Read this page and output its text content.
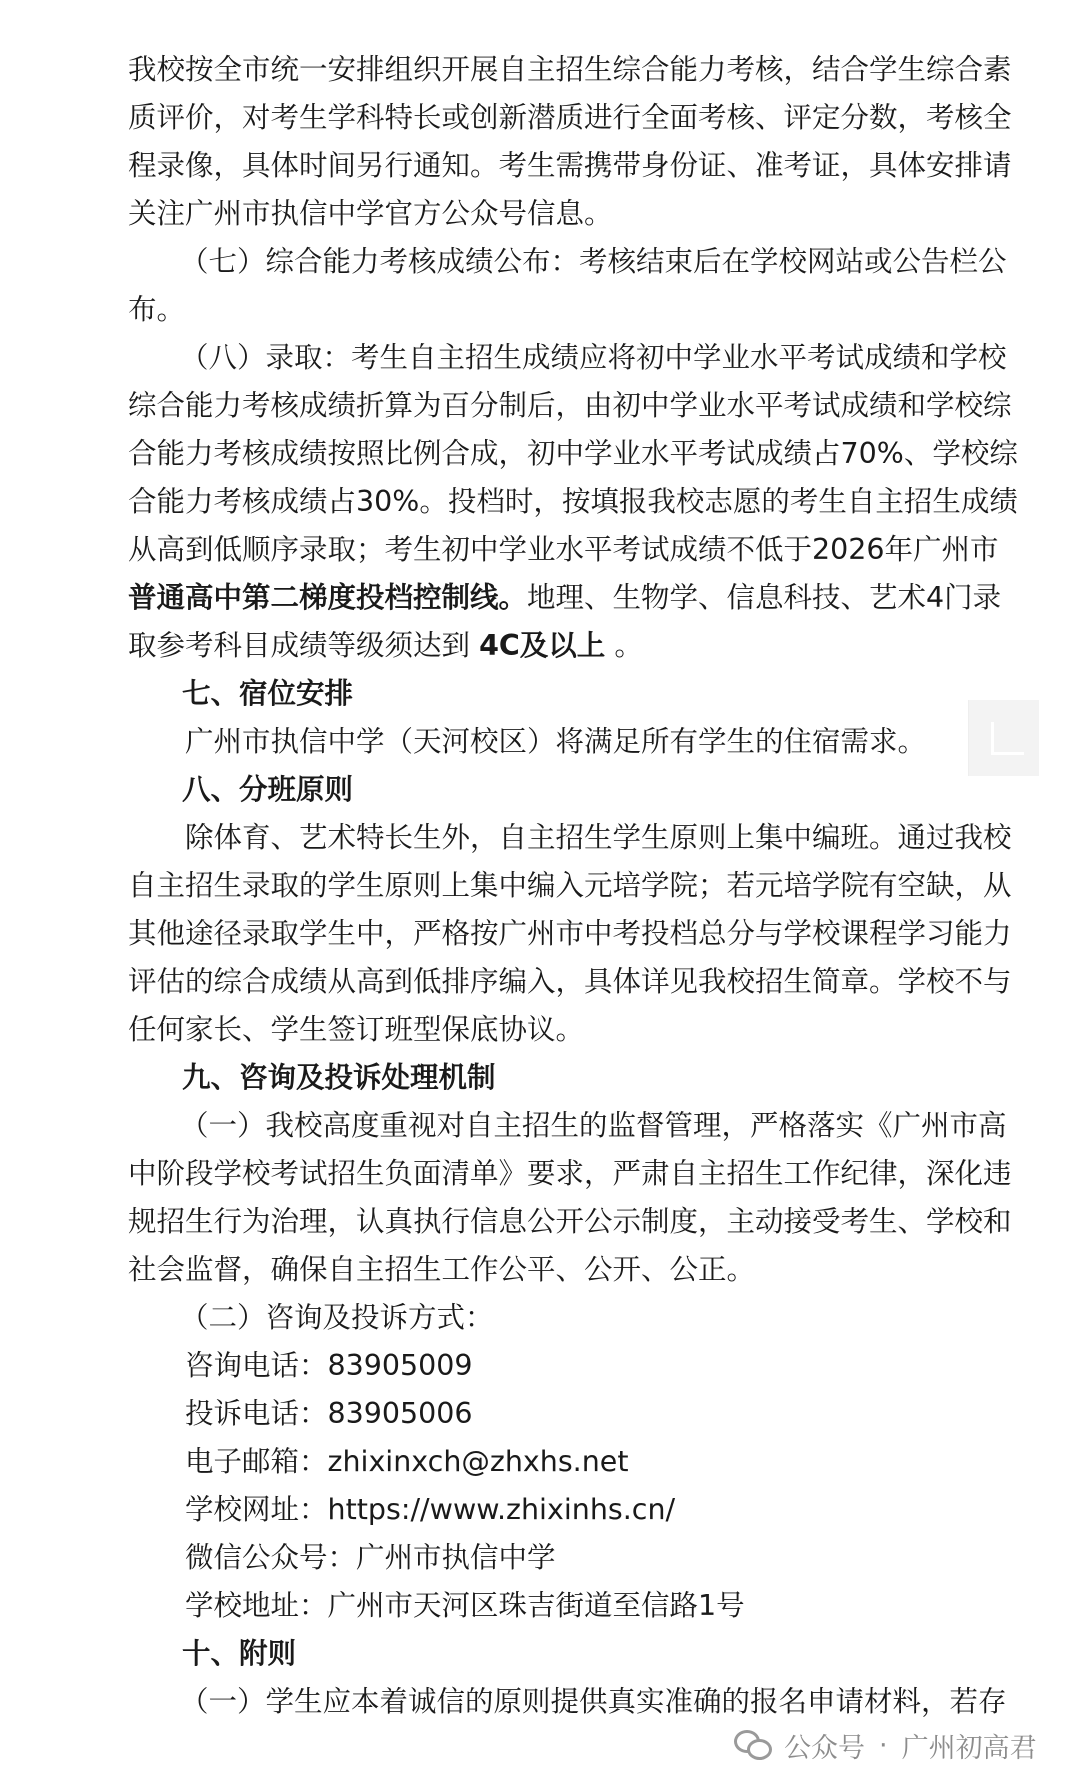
我校按全市统一安排组织开展自主招生综合能力考核，结合学生综合素
质评价，对考生学科特长或创新潜质进行全面考核、评定分数，考核全
程录像，具体时间另行通知。考生需携带身份证、准考证，具体安排请
关注广州市执信中学官方公众号信息。
（七）综合能力考核成绩公布：考核结束后在学校网站或公告栏公
布。
（八）录取：考生自主招生成绩应将初中学业水平考试成绩和学校
综合能力考核成绩折算为百分制后，由初中学业水平考试成绩和学校综
合能力考核成绩按照比例合成，初中学业水平考试成绩占70%、学校综
合能力考核成绩占30%。投档时，按填报我校志愿的考生自主招生成绩
从高到低顺序录取；考生初中学业水平考试成绩不低于2026年广州市
普通高中第二梯度投档控制线。地理、生物学、信息科技、艺术4门录
取参考科目成绩等级须达到 4C及以上 。
七、宿位安排
广州市执信中学（天河校区）将满足所有学生的住宿需求。
八、分班原则
除体育、艺术特长生外，自主招生学生原则上集中编班。通过我校
自主招生录取的学生原则上集中编入元培学院；若元培学院有空缺，从
其他途径录取学生中，严格按广州市中考投档总分与学校课程学习能力
评估的综合成绩从高到低排序编入，具体详见我校招生简章。学校不与
任何家长、学生签订班型保底协议。
九、咨询及投诉处理机制
（一）我校高度重视对自主招生的监督管理，严格落实《广州市高
中阶段学校考试招生负面清单》要求，严肃自主招生工作纪律，深化违
规招生行为治理，认真执行信息公开公示制度，主动接受考生、学校和
社会监督，确保自主招生工作公平、公开、公正。
（二）咨询及投诉方式：
咨询电话：83905009
投诉电话：83905006
电子邮箱：zhixinxch@zhxhs.net
学校网址：https://www.zhixinhs.cn/
微信公众号：广州市执信中学
学校地址：广州市天河区珠吉街道至信路1号
十、附则
（一）学生应本着诚信的原则提供真实准确的报名申请材料，若存
公众号 · 广州初高君
